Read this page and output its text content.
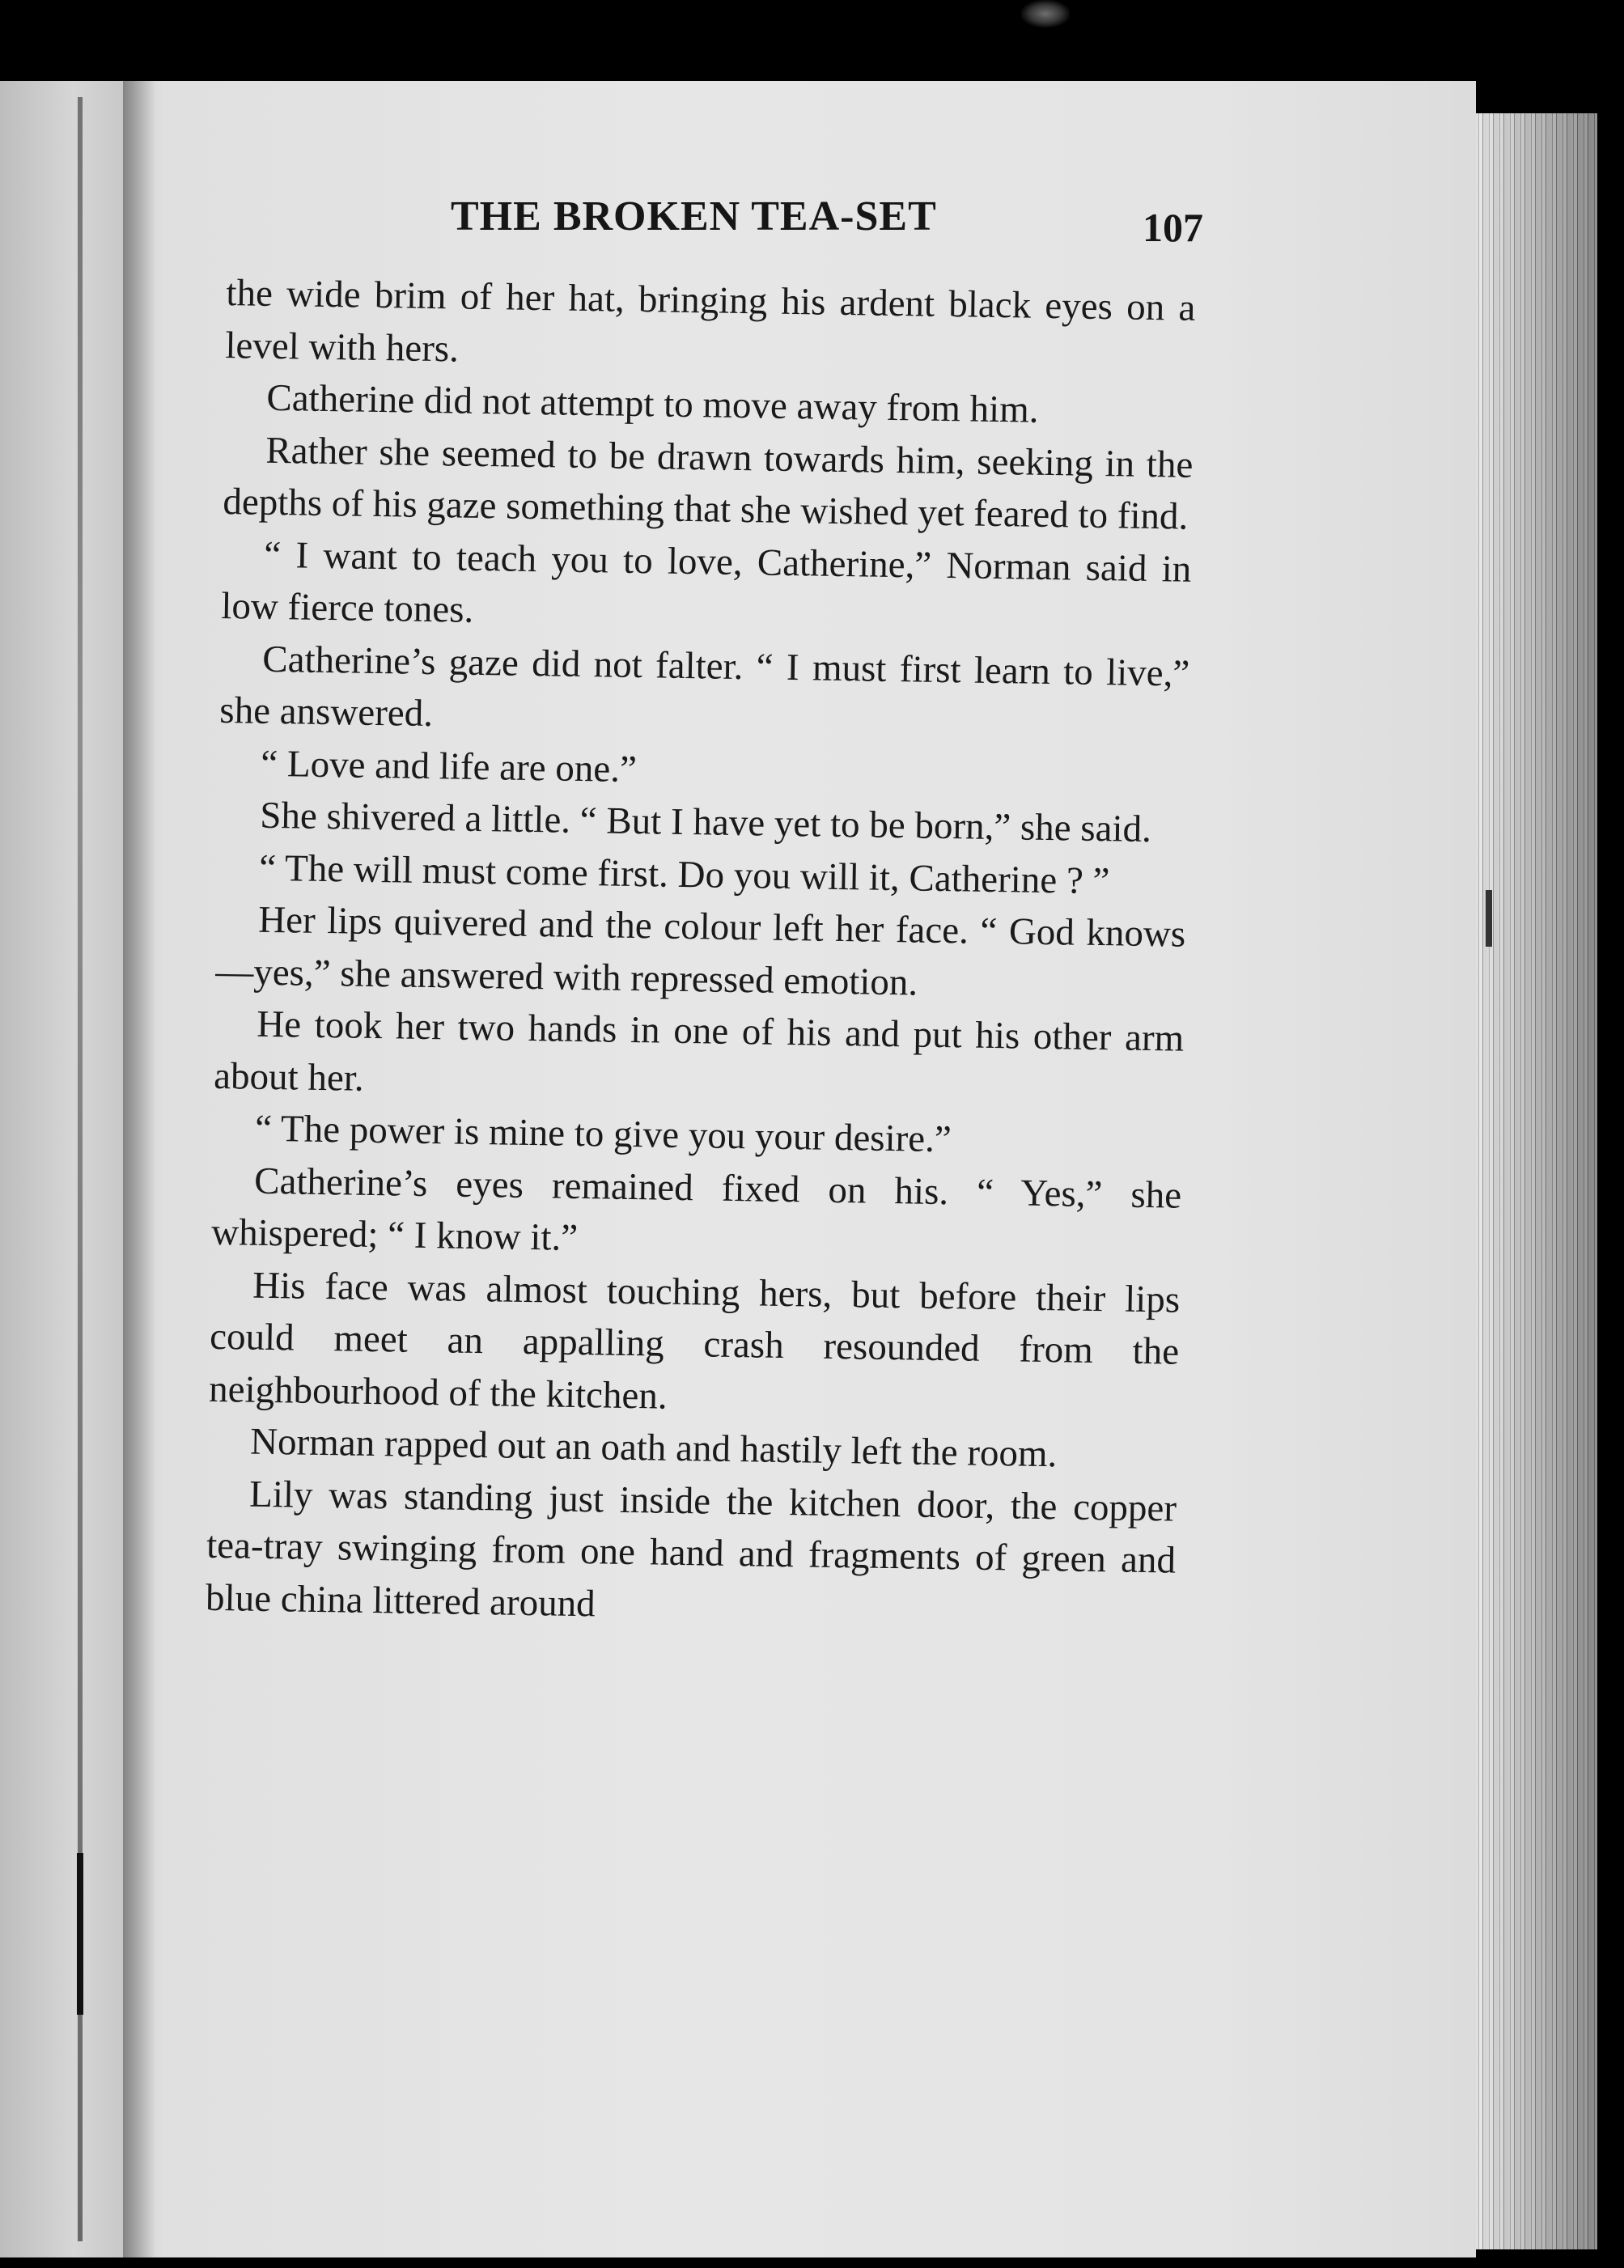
THE BROKEN TEA-SET	107

the wide brim of her hat, bringing his ardent black eyes on a level with hers.

Catherine did not attempt to move away from him.

Rather she seemed to be drawn towards him, seeking in the depths of his gaze something that she wished yet feared to find.

“ I want to teach you to love, Catherine,” Norman said in low fierce tones.

Catherine’s gaze did not falter. “ I must first learn to live,” she answered.

“ Love and life are one.”

She shivered a little. “ But I have yet to be born,” she said.

“ The will must come first. Do you will it, Catherine ? ”

Her lips quivered and the colour left her face. “ God knows—yes,” she answered with repressed emotion.

He took her two hands in one of his and put his other arm about her.

“ The power is mine to give you your desire.”

Catherine’s eyes remained fixed on his. “ Yes,” she whispered; “ I know it.”

His face was almost touching hers, but before their lips could meet an appalling crash resounded from the neighbourhood of the kitchen.

Norman rapped out an oath and hastily left the room.

Lily was standing just inside the kitchen door, the copper tea-tray swinging from one hand and fragments of green and blue china littered around
